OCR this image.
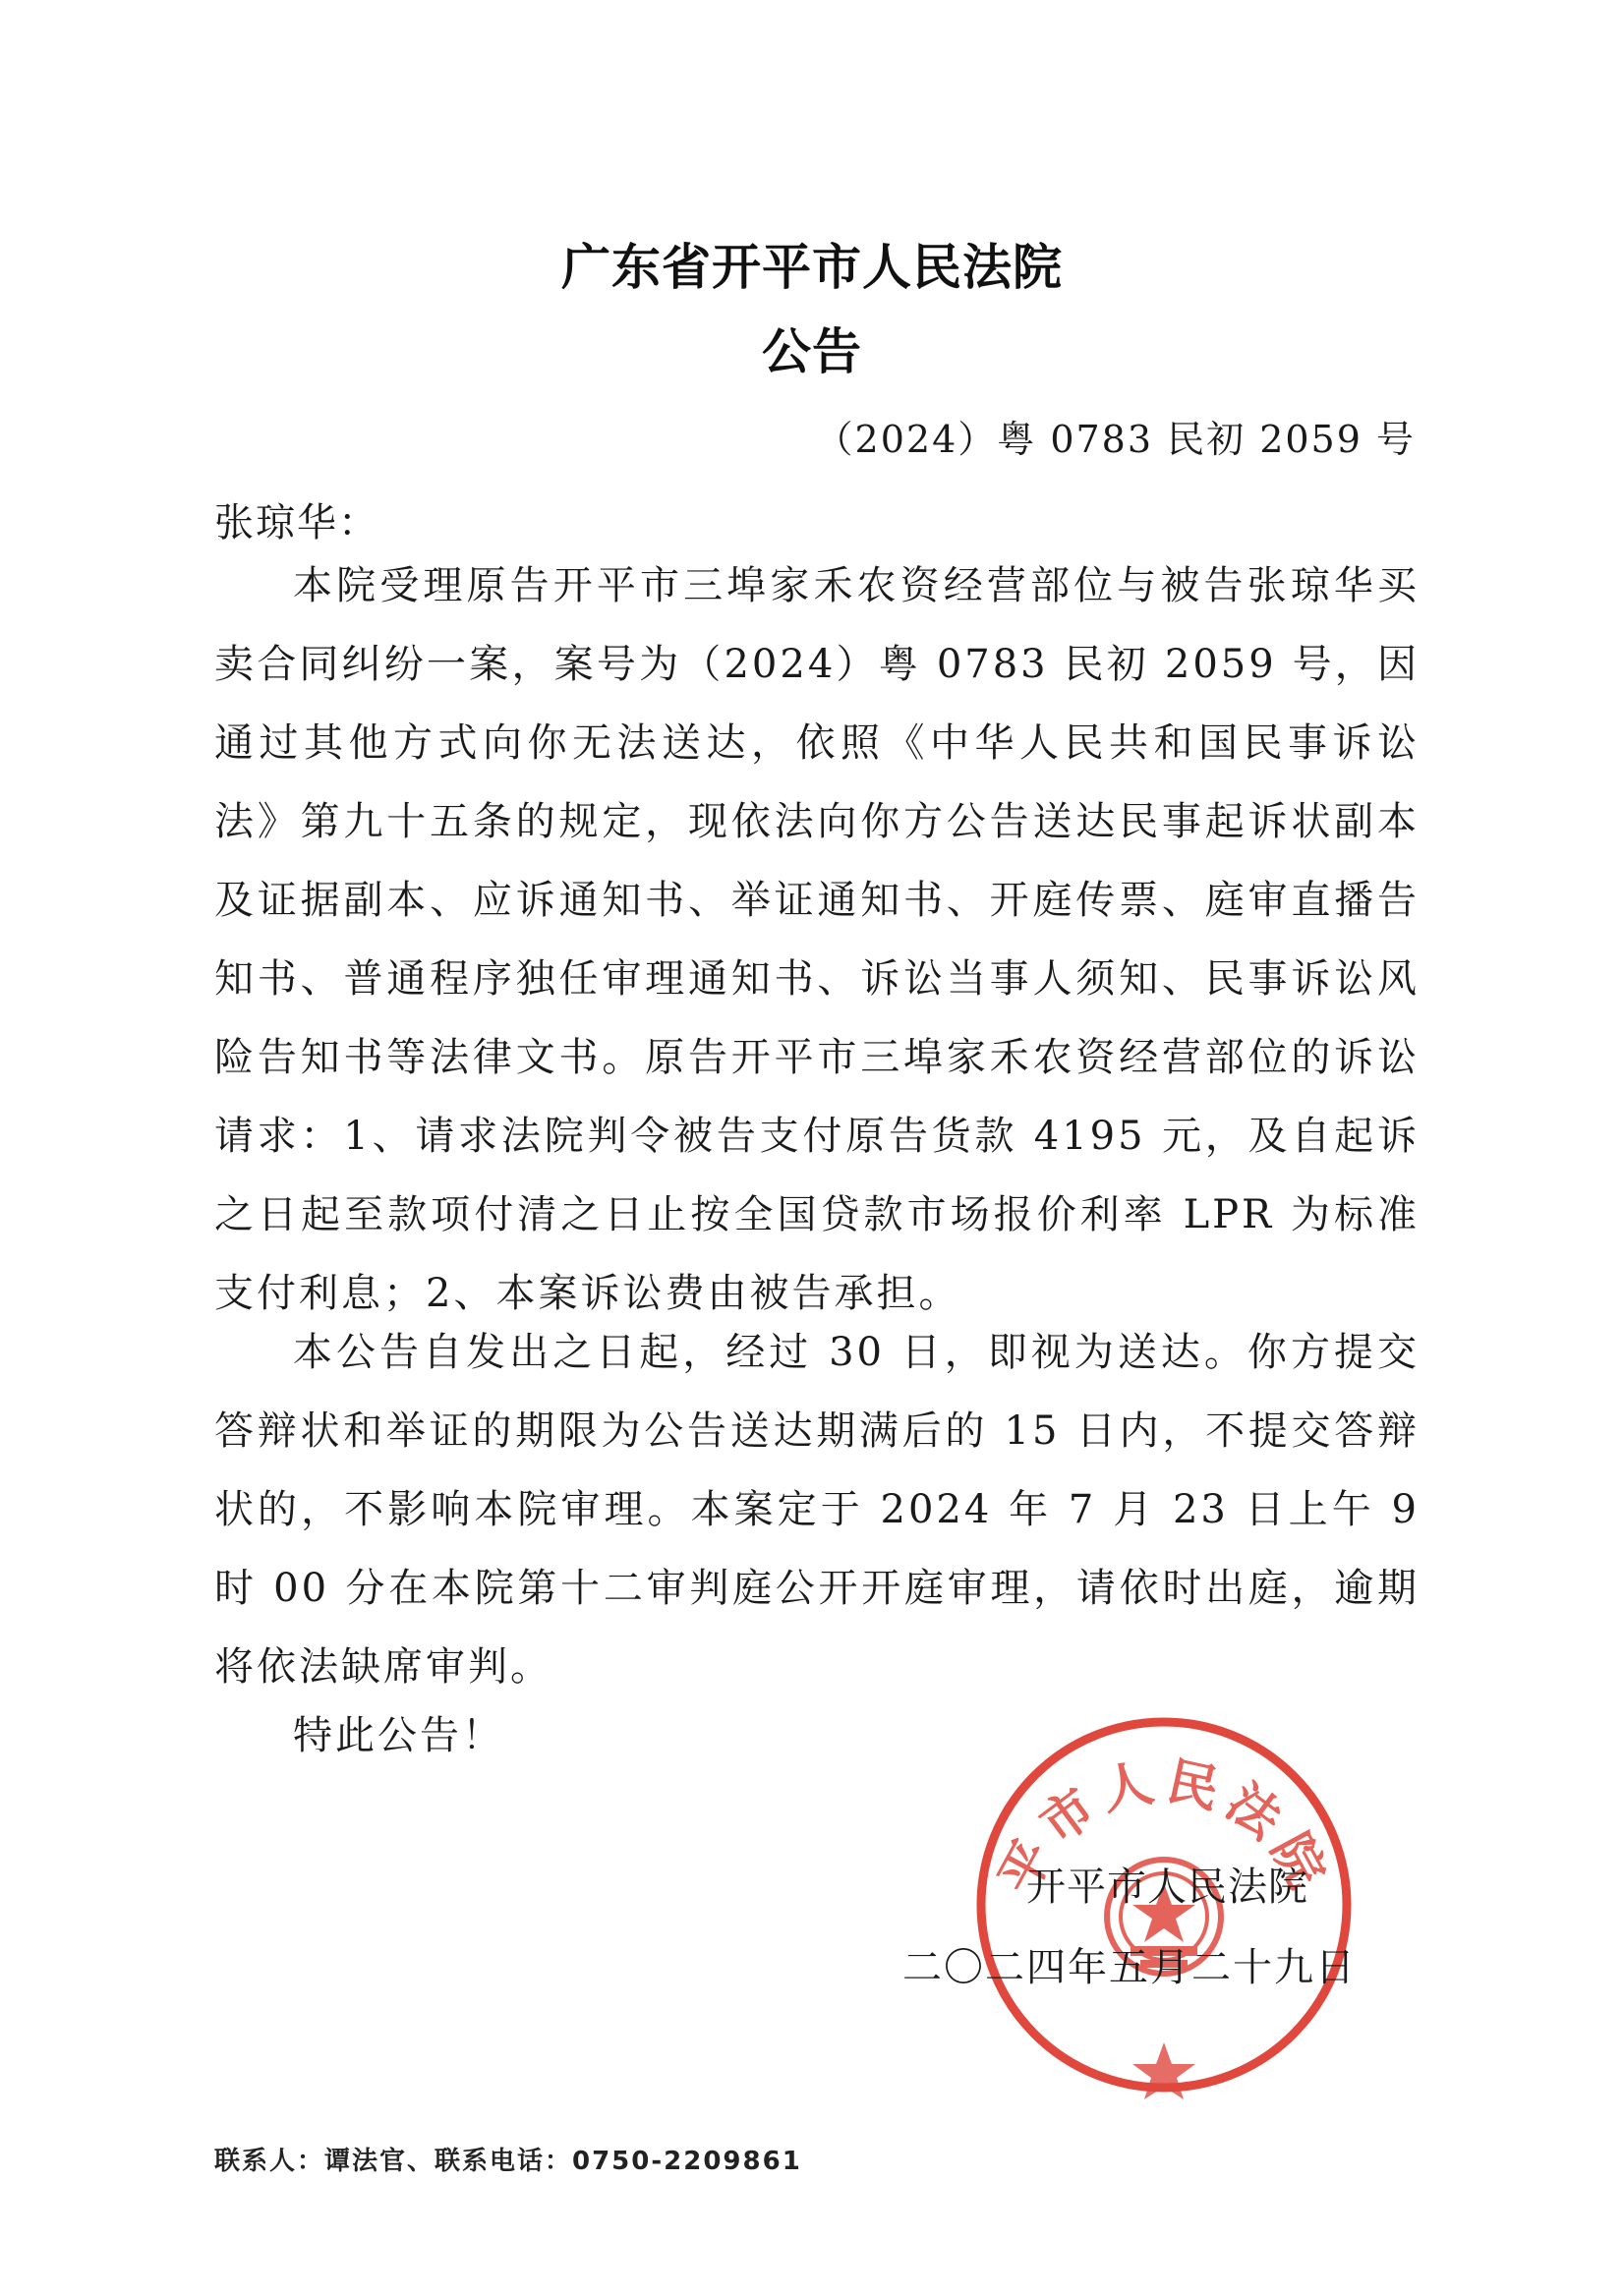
广东省开平市人民法院
公告
（2024）粤 0783 民初 2059 号
张琼华：
本院受理原告开平市三埠家禾农资经营部位与被告张琼华买卖合同纠纷一案，案号为（2024）粤 0783 民初 2059 号，因通过其他方式向你无法送达，依照《中华人民共和国民事诉讼法》第九十五条的规定，现依法向你方公告送达民事起诉状副本及证据副本、应诉通知书、举证通知书、开庭传票、庭审直播告知书、普通程序独任审理通知书、诉讼当事人须知、民事诉讼风险告知书等法律文书。原告开平市三埠家禾农资经营部位的诉讼请求：1、请求法院判令被告支付原告货款 4195 元，及自起诉之日起至款项付清之日止按全国贷款市场报价利率 LPR 为标准支付利息；2、本案诉讼费由被告承担。
本公告自发出之日起，经过 30 日，即视为送达。你方提交答辩状和举证的期限为公告送达期满后的 15 日内，不提交答辩状的，不影响本院审理。本案定于 2024 年 7 月 23 日上午 9 时 00 分在本院第十二审判庭公开开庭审理，请依时出庭，逾期将依法缺席审判。
特此公告！
平市人民法院
开平市人民法院
二〇二四年五月二十九日
联系人：谭法官、联系电话：0750-2209861
